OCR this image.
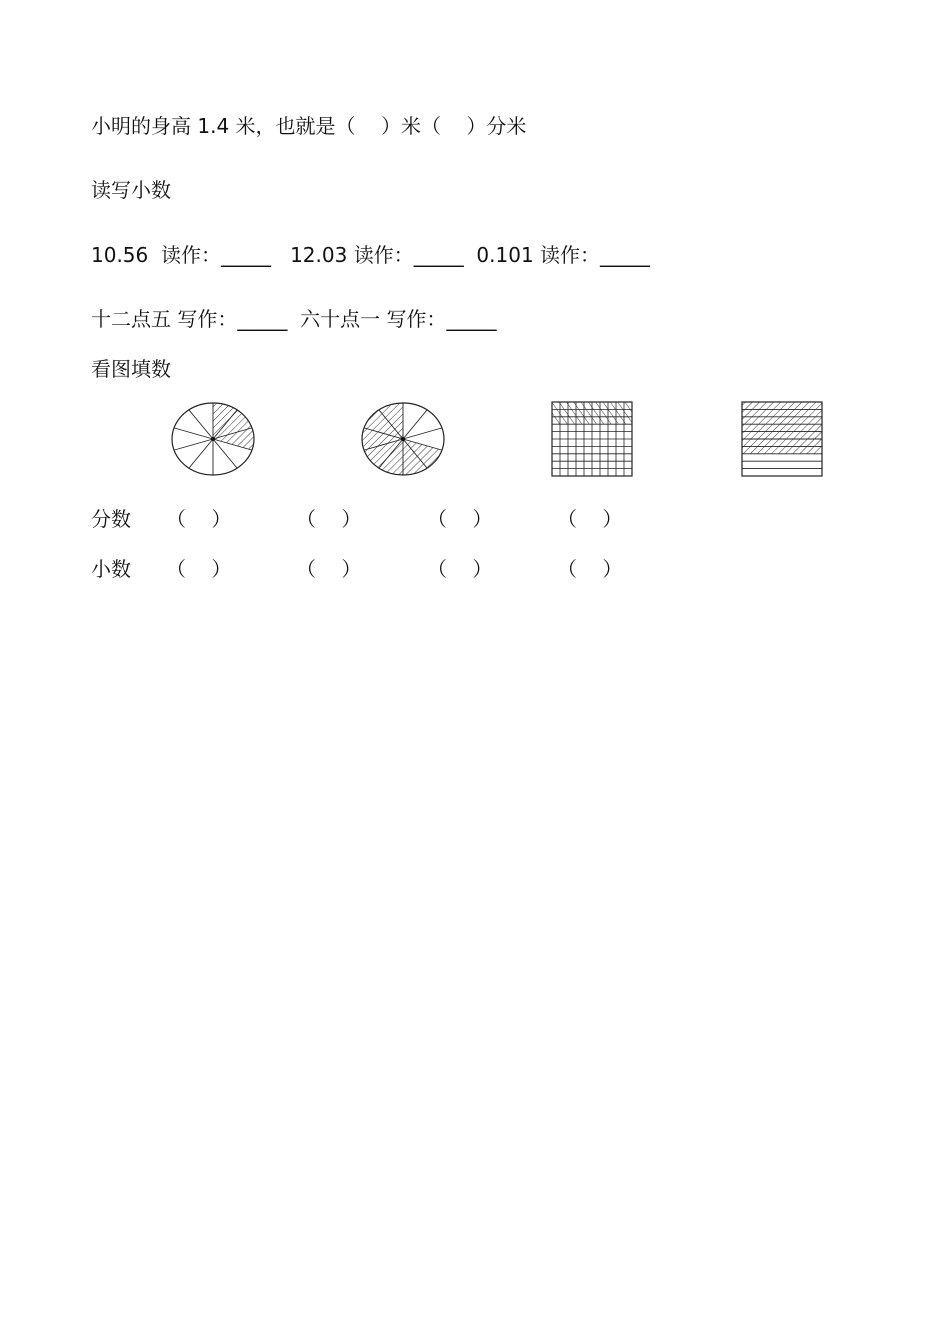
小明的身高 1.4 米，也就是（    ）米（    ）分米
读写小数
10.56 读作：_____ 12.03 读作：_____ 0.101 读作：_____
十二点五 写作：_____ 六十点一 写作：_____
看图填数
分数 （    ）	（    ）	（    ）	（    ）
小数 （    ）	（    ）	（    ）	（    ）
